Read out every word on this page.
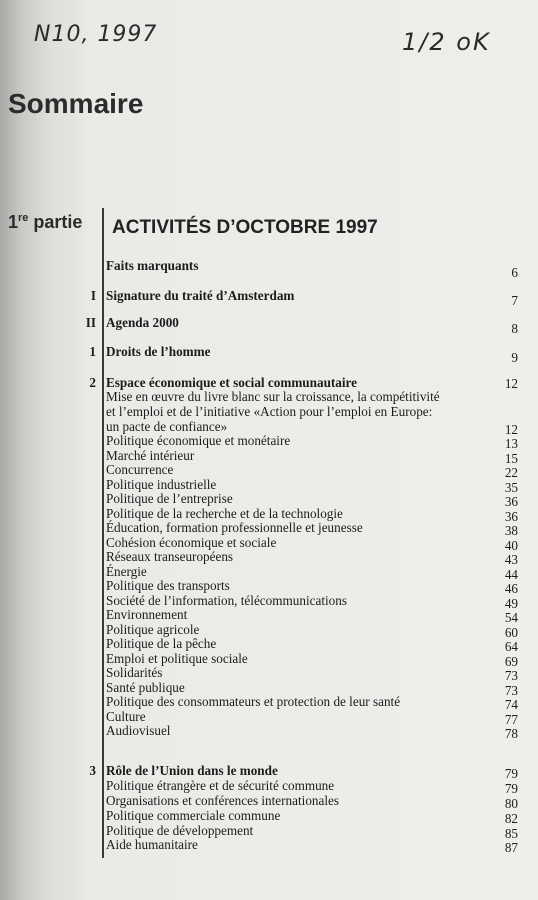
N10, 1997	1/2 oK
Sommaire
1re partie ACTIVITÉS D’OCTOBRE 1997
Faits marquants	6
I Signature du traité d’Amsterdam	7
II Agenda 2000	8
1 Droits de l’homme	9
2 Espace économique et social communautaire	12
Mise en œuvre du livre blanc sur la croissance, la compétitivité
et l’emploi et de l’initiative «Action pour l’emploi en Europe:
un pacte de confiance»	12
Politique économique et monétaire	13
Marché intérieur	15
Concurrence	22
Politique industrielle	35
Politique de l’entreprise	36
Politique de la recherche et de la technologie	36
Éducation, formation professionnelle et jeunesse	38
Cohésion économique et sociale	40
Réseaux transeuropéens	43
Énergie	44
Politique des transports	46
Société de l’information, télécommunications	49
Environnement	54
Politique agricole	60
Politique de la pêche	64
Emploi et politique sociale	69
Solidarités	73
Santé publique	73
Politique des consommateurs et protection de leur santé	74
Culture	77
Audiovisuel	78
3 Rôle de l’Union dans le monde	79
Politique étrangère et de sécurité commune	79
Organisations et conférences internationales	80
Politique commerciale commune	82
Politique de développement	85
Aide humanitaire	87
